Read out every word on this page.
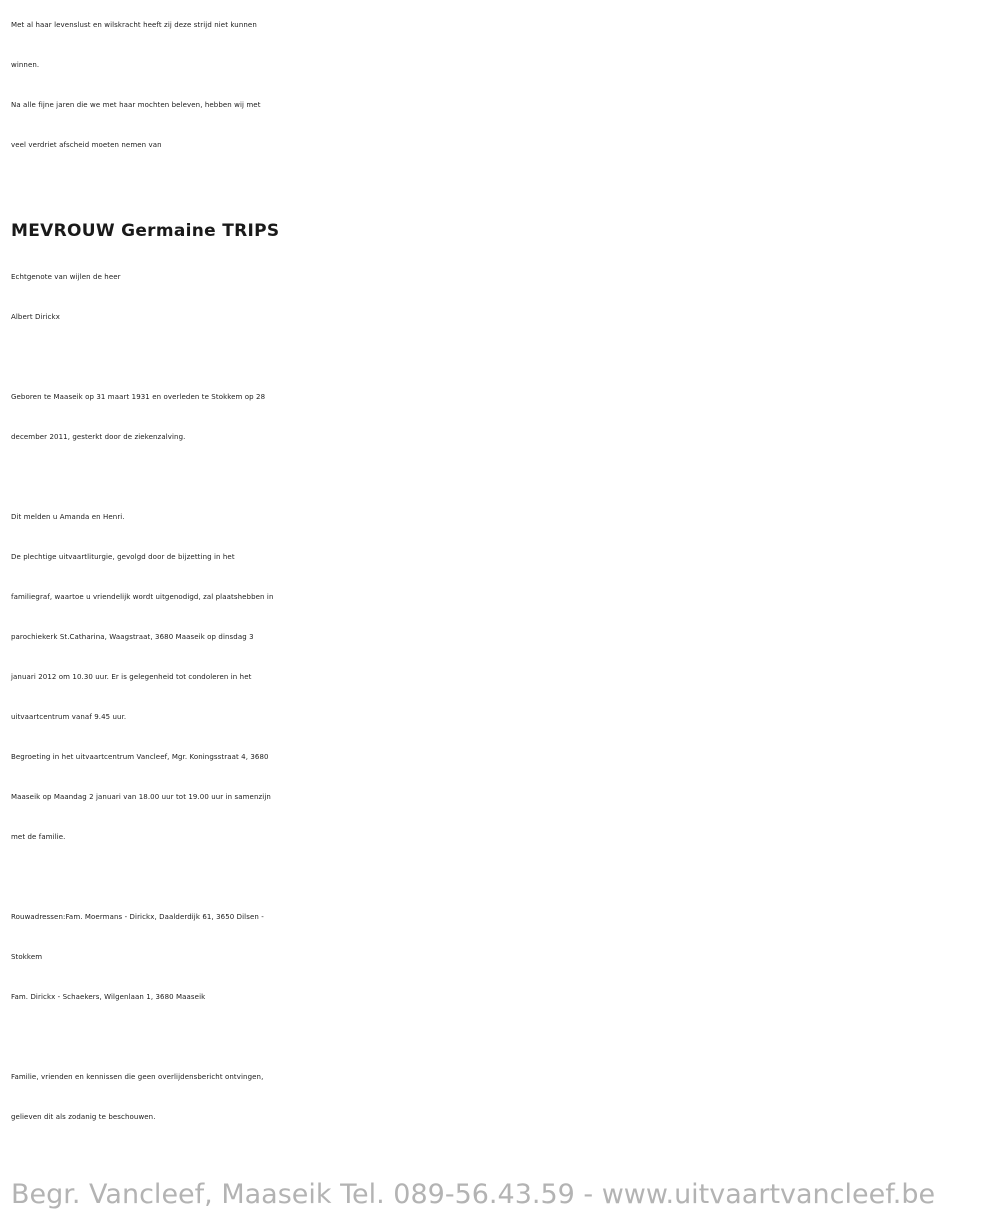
Met al haar levenslust en wilskracht heeft zij deze strijd niet kunnen
winnen.
Na alle fijne jaren die we met haar mochten beleven, hebben wij met
veel verdriet afscheid moeten nemen van
MEVROUW Germaine TRIPS
Echtgenote van wijlen de heer
Albert Dirickx
Geboren te Maaseik op 31 maart 1931 en overleden te Stokkem op 28
december 2011, gesterkt door de ziekenzalving.
Dit melden u Amanda en Henri.
De plechtige uitvaartliturgie, gevolgd door de bijzetting in het
familiegraf, waartoe u vriendelijk wordt uitgenodigd, zal plaatshebben in
parochiekerk St.Catharina, Waagstraat, 3680 Maaseik op dinsdag 3
januari 2012 om 10.30 uur. Er is gelegenheid tot condoleren in het
uitvaartcentrum vanaf 9.45 uur.
Begroeting in het uitvaartcentrum Vancleef, Mgr. Koningsstraat 4, 3680
Maaseik op Maandag 2 januari van 18.00 uur tot 19.00 uur in samenzijn
met de familie.
Rouwadressen:Fam. Moermans - Dirickx, Daalderdijk 61, 3650 Dilsen -
Stokkem
Fam. Dirickx - Schaekers, Wilgenlaan 1, 3680 Maaseik
Familie, vrienden en kennissen die geen overlijdensbericht ontvingen,
gelieven dit als zodanig te beschouwen.
Begr. Vancleef, Maaseik Tel. 089-56.43.59 - www.uitvaartvancleef.be
